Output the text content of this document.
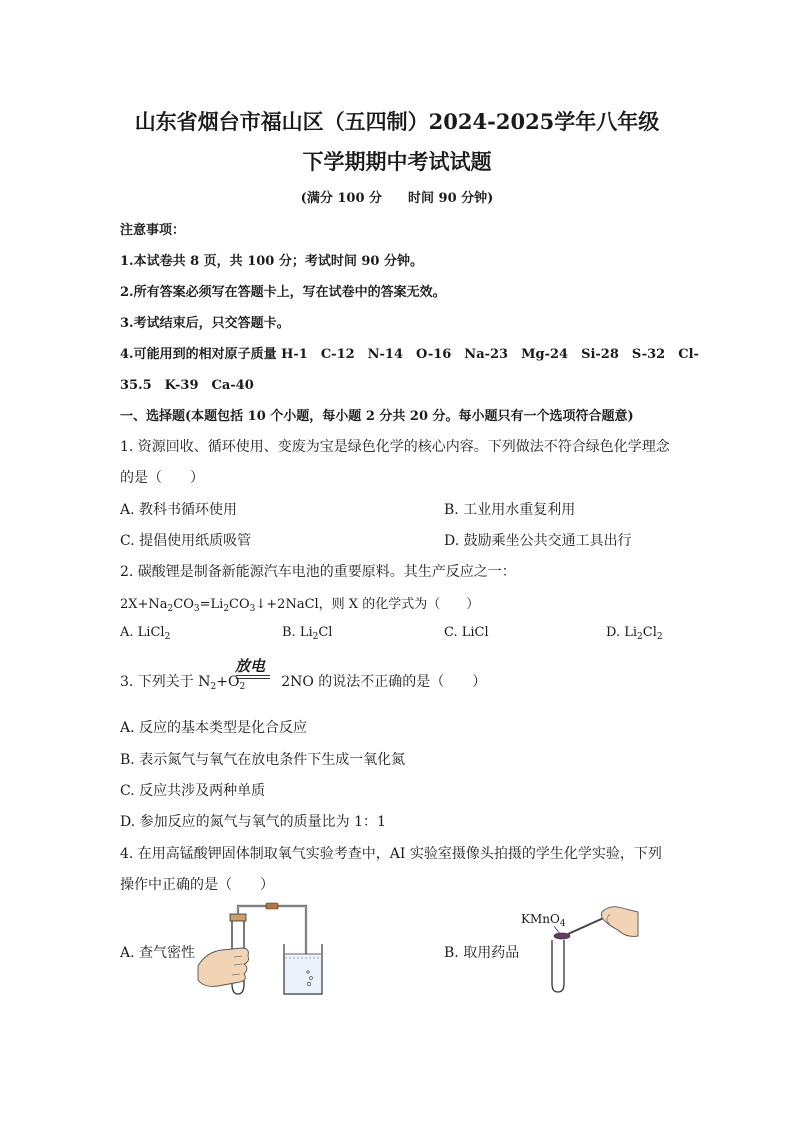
山东省烟台市福山区（五四制）2024-2025学年八年级
下学期期中考试试题
(满分 100 分　　时间 90 分钟)
注意事项：
1.本试卷共 8 页，共 100 分；考试时间 90 分钟。
2.所有答案必须写在答题卡上，写在试卷中的答案无效。
3.考试结束后，只交答题卡。
4.可能用到的相对原子质量 H-1　C-12　N-14　O-16　Na-23　Mg-24　Si-28　S-32　Cl-
35.5　K-39　Ca-40
一、选择题(本题包括 10 个小题，每小题 2 分共 20 分。每小题只有一个选项符合题意)
1. 资源回收、循环使用、变废为宝是绿色化学的核心内容。下列做法不符合绿色化学理念
的是（　　）
A. 教科书循环使用	B. 工业用水重复利用
C. 提倡使用纸质吸管	D. 鼓励乘坐公共交通工具出行
2. 碳酸锂是制备新能源汽车电池的重要原料。其生产反应之一：
$2X+Na_2CO_3=Li_2CO_3↓+2NaCl$，则 X 的化学式为（　　）
A. LiCl$_2$	B. $Li_2Cl$	C. LiCl	D. $Li_2Cl_2$
3. 下列关于 $N_2+O_2$	2NO 的说法不正确的是（　　）
放电
A. 反应的基本类型是化合反应
B. 表示氮气与氧气在放电条件下生成一氧化氮
C. 反应共涉及两种单质
D. 参加反应的氮气与氧气的质量比为 1：1
4. 在用高锰酸钾固体制取氧气实验考查中，AI 实验室摄像头拍摄的学生化学实验，下列
操作中正确的是（　　）
A. 查气密性	B. 取用药品
KMnO$_4$
